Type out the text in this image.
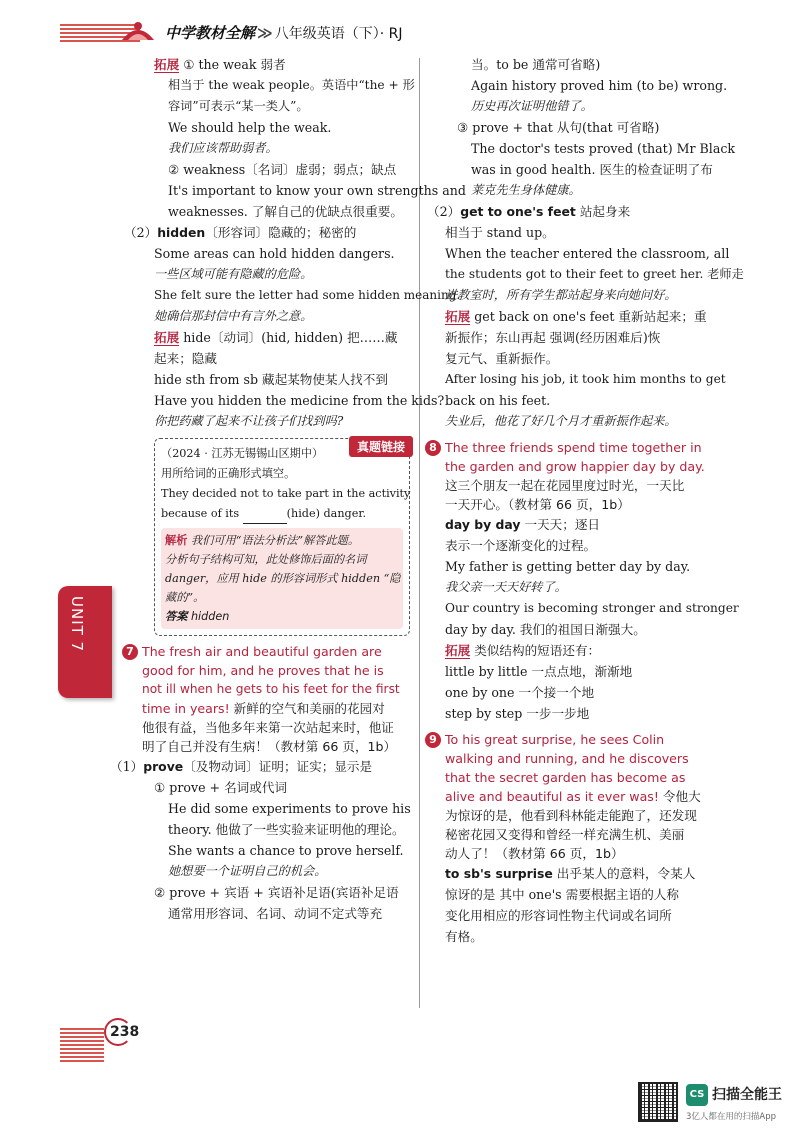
中学教材全解 ≫ 八年级英语（下）· RJ
拓展 ① the weak 弱者
相当于 the weak people。英语中“the + 形
容词”可表示“某一类人”。
We should help the weak.
我们应该帮助弱者。
② weakness〔名词〕虚弱；弱点；缺点
It's important to know your own strengths and
weaknesses. 了解自己的优缺点很重要。
（2）hidden〔形容词〕隐藏的；秘密的
Some areas can hold hidden dangers.
一些区域可能有隐藏的危险。
She felt sure the letter had some hidden meaning.
她确信那封信中有言外之意。
拓展 hide〔动词〕(hid, hidden) 把……藏
起来；隐藏
hide sth from sb 藏起某物使某人找不到
Have you hidden the medicine from the kids?
你把药藏了起来不让孩子们找到吗?
真题链接
（2024 · 江苏无锡锡山区期中）
用所给词的正确形式填空。
They decided not to take part in the activity
because of its	(hide) danger.
解析 我们可用“语法分析法”解答此题。
分析句子结构可知，此处修饰后面的名词
danger，应用 hide 的形容词形式 hidden “隐
藏的”。
答案 hidden
7 The fresh air and beautiful garden are
good for him, and he proves that he is
not ill when he gets to his feet for the first
time in years! 新鲜的空气和美丽的花园对
他很有益，当他多年来第一次站起来时，他证
明了自己并没有生病！（教材第 66 页，1b）
（1）prove〔及物动词〕证明；证实；显示是
① prove + 名词或代词
He did some experiments to prove his
theory. 他做了一些实验来证明他的理论。
She wants a chance to prove herself.
她想要一个证明自己的机会。
② prove + 宾语 + 宾语补足语(宾语补足语
通常用形容词、名词、动词不定式等充
当。to be 通常可省略)
Again history proved him (to be) wrong.
历史再次证明他错了。
③ prove + that 从句(that 可省略)
The doctor's tests proved (that) Mr Black
was in good health. 医生的检查证明了布
莱克先生身体健康。
（2）get to one's feet 站起身来
相当于 stand up。
When the teacher entered the classroom, all
the students got to their feet to greet her. 老师走
进教室时，所有学生都站起身来向她问好。
拓展 get back on one's feet 重新站起来；重
新振作；东山再起 强调(经历困难后)恢
复元气、重新振作。
After losing his job, it took him months to get
back on his feet.
失业后，他花了好几个月才重新振作起来。
8 The three friends spend time together in
the garden and grow happier day by day.
这三个朋友一起在花园里度过时光，一天比
一天开心。（教材第 66 页，1b）
day by day 一天天；逐日
表示一个逐渐变化的过程。
My father is getting better day by day.
我父亲一天天好转了。
Our country is becoming stronger and stronger
day by day. 我们的祖国日渐强大。
拓展 类似结构的短语还有：
little by little 一点点地，渐渐地
one by one 一个接一个地
step by step 一步一步地
9 To his great surprise, he sees Colin
walking and running, and he discovers
that the secret garden has become as
alive and beautiful as it ever was! 令他大
为惊讶的是，他看到科林能走能跑了，还发现
秘密花园又变得和曾经一样充满生机、美丽
动人了！（教材第 66 页，1b）
to sb's surprise 出乎某人的意料，令某人
惊讶的是 其中 one's 需要根据主语的人称
变化用相应的形容词性物主代词或名词所
有格。
UNIT 7
238
CS 扫描全能王
3亿人都在用的扫描App
